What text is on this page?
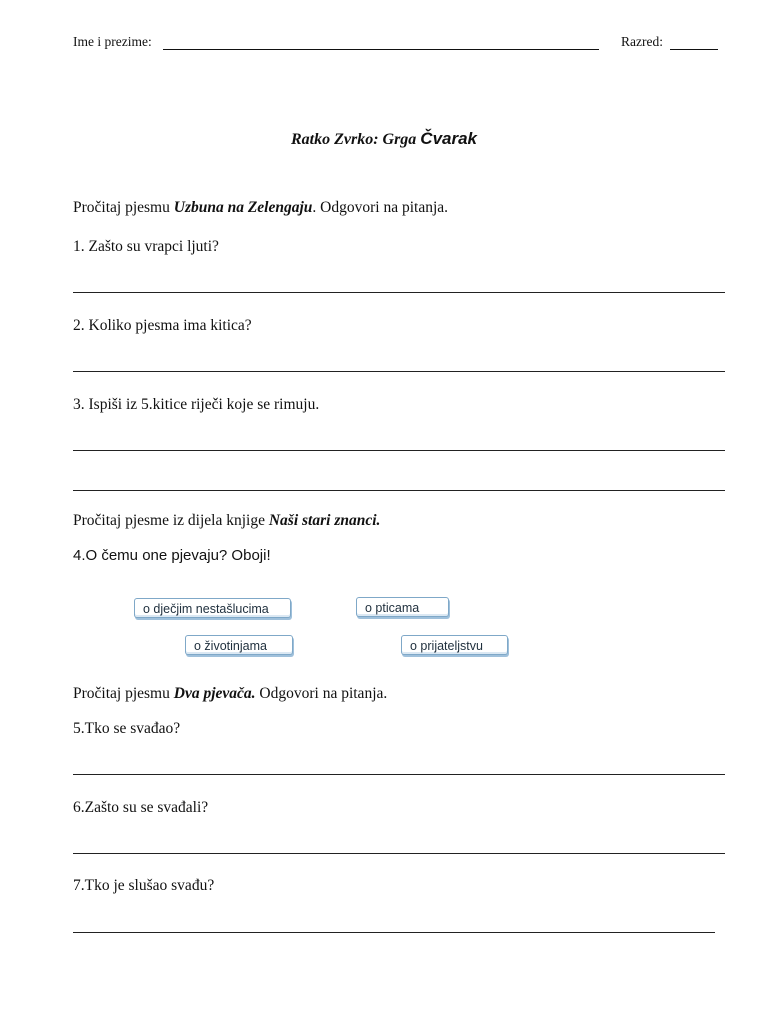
Ime i prezime:	Razred:
Ratko Zvrko: Grga Čvarak
Pročitaj pjesmu Uzbuna na Zelengaju. Odgovori na pitanja.
1. Zašto su vrapci ljuti?
2. Koliko pjesma ima kitica?
3. Ispiši iz 5.kitice riječi koje se rimuju.
Pročitaj pjesme iz dijela knjige Naši stari znanci.
4.O čemu one pjevaju? Oboji!
o dječjim nestašlucima	o pticama
o životinjama	o prijateljstvu
Pročitaj pjesmu Dva pjevača. Odgovori na pitanja.
5.Tko se svađao?
6.Zašto su se svađali?
7.Tko je slušao svađu?
